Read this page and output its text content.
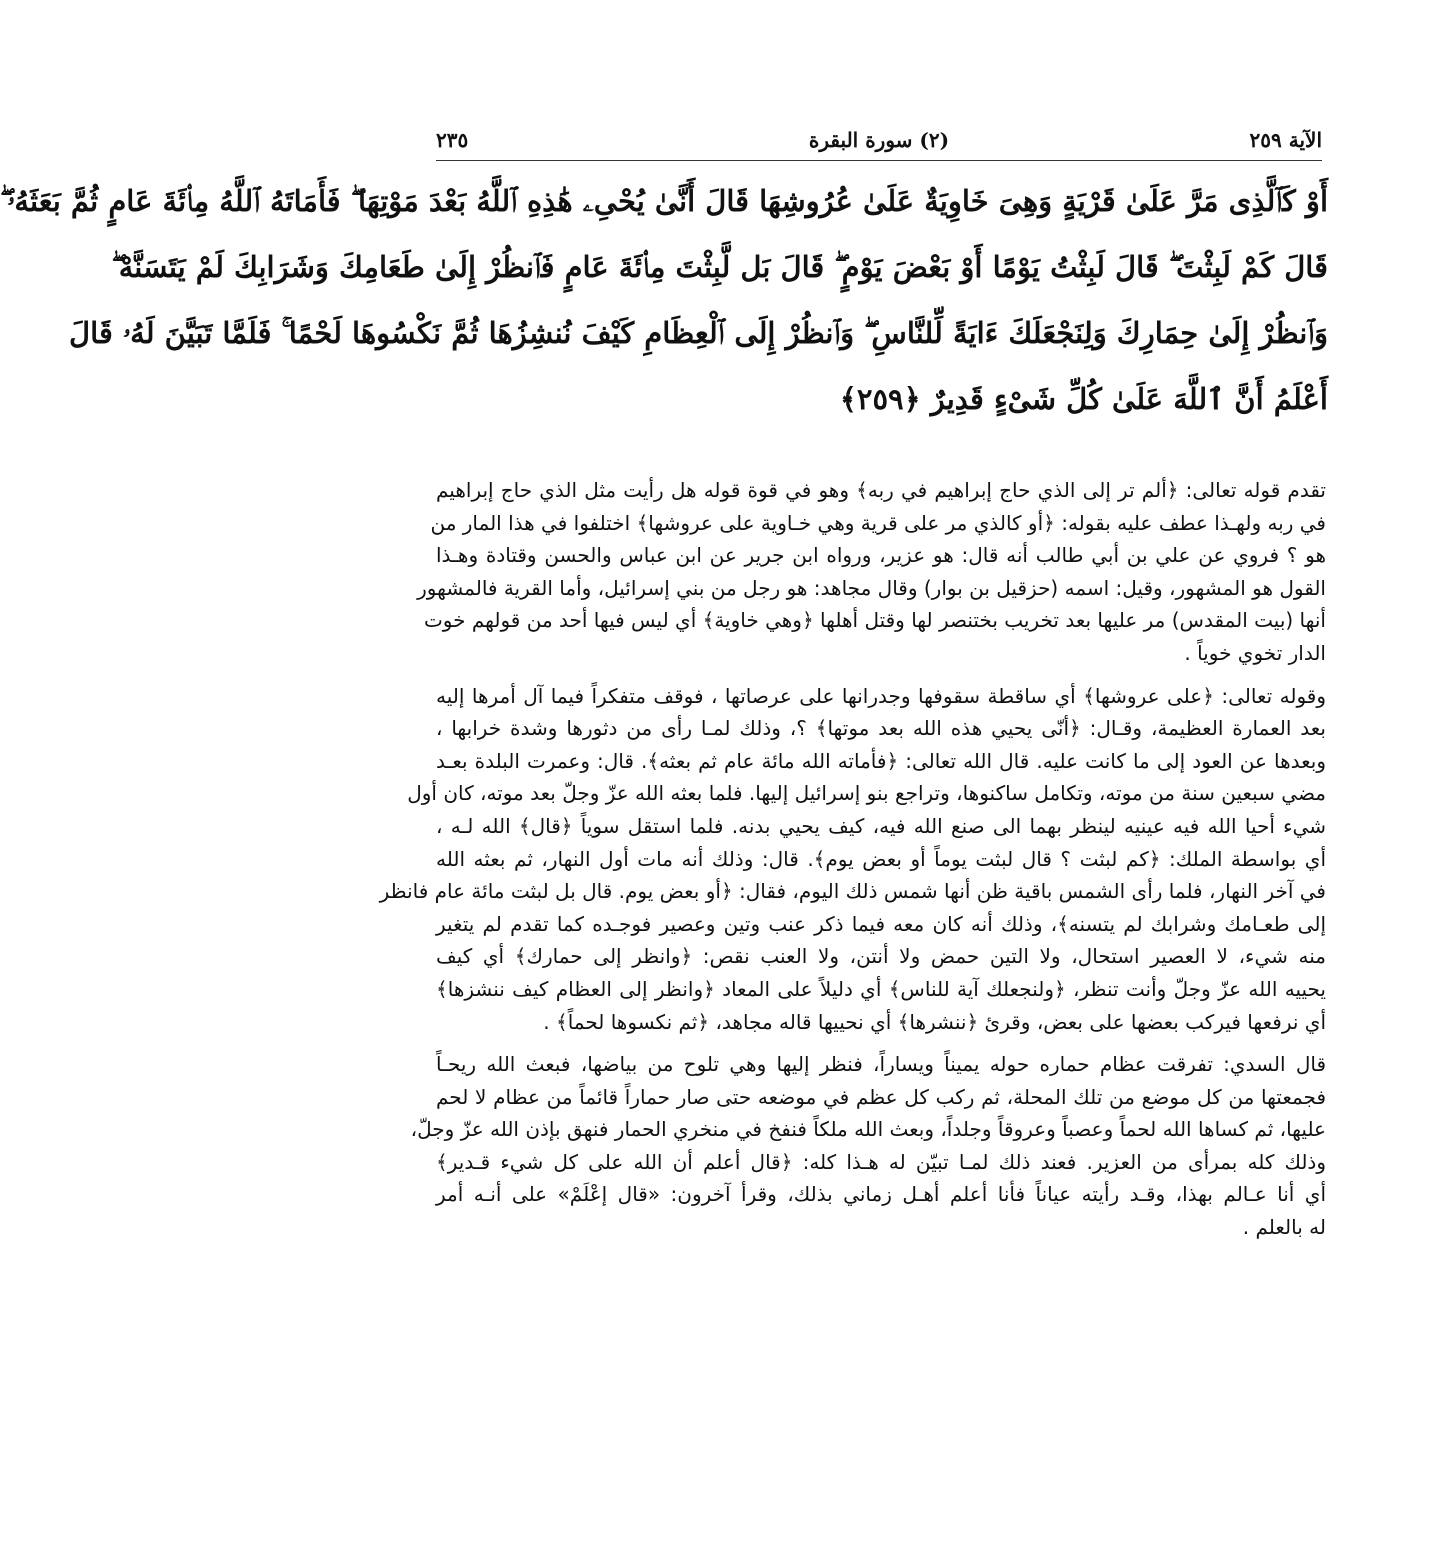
الآية ٢٥٩
(٢) سورة البقرة
٢٣٥
أَوْ كَٱلَّذِى مَرَّ عَلَىٰ قَرْيَةٍ وَهِىَ خَاوِيَةٌ عَلَىٰ عُرُوشِهَا قَالَ أَنَّىٰ يُحْىِۦ هَٰذِهِ ٱللَّهُ بَعْدَ مَوْتِهَا ۖ فَأَمَاتَهُ ٱللَّهُ مِا۟ئَةَ عَامٍ ثُمَّ بَعَثَهُۥ ۖ
قَالَ كَمْ لَبِثْتَ ۖ قَالَ لَبِثْتُ يَوْمًا أَوْ بَعْضَ يَوْمٍ ۖ قَالَ بَل لَّبِثْتَ مِا۟ئَةَ عَامٍ فَٱنظُرْ إِلَىٰ طَعَامِكَ وَشَرَابِكَ لَمْ يَتَسَنَّهْ ۖ
وَٱنظُرْ إِلَىٰ حِمَارِكَ وَلِنَجْعَلَكَ ءَايَةً لِّلنَّاسِ ۖ وَٱنظُرْ إِلَى ٱلْعِظَامِ كَيْفَ نُنشِزُهَا ثُمَّ نَكْسُوهَا لَحْمًا ۚ فَلَمَّا تَبَيَّنَ لَهُۥ قَالَ
أَعْلَمُ أَنَّ ٱللَّهَ عَلَىٰ كُلِّ شَىْءٍ قَدِيرٌ ﴿٢٥٩﴾
تقدم قوله تعالى: ﴿ألم تر إلى الذي حاج إبراهيم في ربه﴾ وهو في قوة قوله هل رأيت مثل الذي حاج إبراهيم
في ربه ولهـذا عطف عليه بقوله: ﴿أو كالذي مر على قرية وهي خـاوية على عروشها﴾ اختلفوا في هذا المار من
هو ؟ فروي عن علي بن أبي طالب أنه قال: هو عزير، ورواه ابن جرير عن ابن عباس والحسن وقتادة وهـذا
القول هو المشهور، وقيل: اسمه (حزقيل بن بوار) وقال مجاهد: هو رجل من بني إسرائيل، وأما القرية فالمشهور
أنها (بيت المقدس) مر عليها بعد تخريب بختنصر لها وقتل أهلها ﴿وهي خاوية﴾ أي ليس فيها أحد من قولهم خوت
الدار تخوي خوياً .
وقوله تعالى: ﴿على عروشها﴾ أي ساقطة سقوفها وجدرانها على عرصاتها ، فوقف متفكراً فيما آل أمرها إليه
بعد العمارة العظيمة، وقـال: ﴿أنّى يحيي هذه الله بعد موتها﴾ ؟، وذلك لمـا رأى من دثورها وشدة خرابها ،
وبعدها عن العود إلى ما كانت عليه. قال الله تعالى: ﴿فأماته الله مائة عام ثم بعثه﴾. قال: وعمرت البلدة بعـد
مضي سبعين سنة من موته، وتكامل ساكنوها، وتراجع بنو إسرائيل إليها. فلما بعثه الله عزّ وجلّ بعد موته، كان أول
شيء أحيا الله فيه عينيه لينظر بهما الى صنع الله فيه، كيف يحيي بدنه. فلما استقل سوياً ﴿قال﴾ الله لـه ،
أي بواسطة الملك: ﴿كم لبثت ؟ قال لبثت يوماً أو بعض يوم﴾. قال: وذلك أنه مات أول النهار، ثم بعثه الله
في آخر النهار، فلما رأى الشمس باقية ظن أنها شمس ذلك اليوم، فقال: ﴿أو بعض يوم. قال بل لبثت مائة عام فانظر
إلى طعـامك وشرابك لم يتسنه﴾، وذلك أنه كان معه فيما ذكر عنب وتين وعصير فوجـده كما تقدم لم يتغير
منه شيء، لا العصير استحال، ولا التين حمض ولا أنتن، ولا العنب نقص: ﴿وانظر إلى حمارك﴾ أي كيف
يحييه الله عزّ وجلّ وأنت تنظر، ﴿ولنجعلك آية للناس﴾ أي دليلاً على المعاد ﴿وانظر إلى العظام كيف ننشزها﴾
أي نرفعها فيركب بعضها على بعض، وقرئ ﴿ننشرها﴾ أي نحييها قاله مجاهد، ﴿ثم نكسوها لحماً﴾ .
قال السدي: تفرقت عظام حماره حوله يميناً ويساراً، فنظر إليها وهي تلوح من بياضها، فبعث الله ريحـاً
فجمعتها من كل موضع من تلك المحلة، ثم ركب كل عظم في موضعه حتى صار حماراً قائماً من عظام لا لحم
عليها، ثم كساها الله لحماً وعصباً وعروقاً وجلداً، وبعث الله ملكاً فنفخ في منخري الحمار فنهق بإذن الله عزّ وجلّ،
وذلك كله بمرأى من العزير. فعند ذلك لمـا تبيّن له هـذا كله: ﴿قال أعلم أن الله على كل شيء قـدير﴾
أي أنا عـالم بهذا، وقـد رأيته عياناً فأنا أعلم أهـل زماني بذلك، وقرأ آخرون: «قال إعْلَمْ» على أنـه أمر
له بالعلم .
